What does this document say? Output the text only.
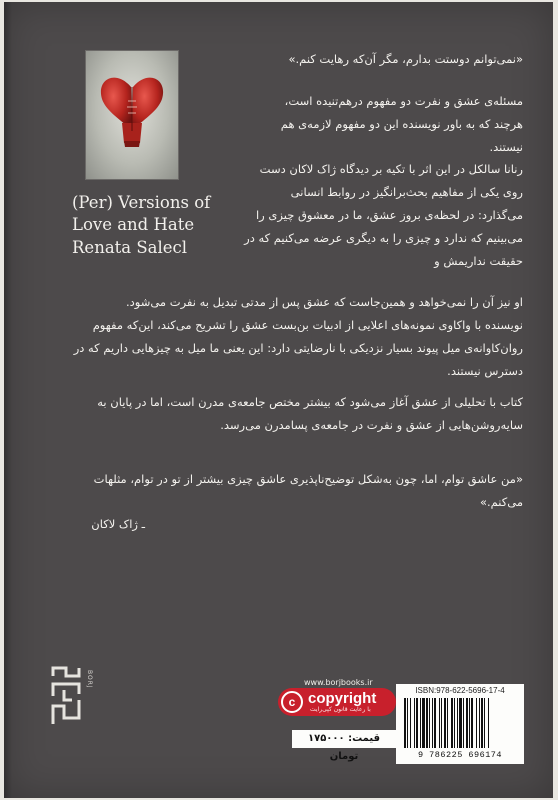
(Per) Versions of Love and Hate

Renata Salecl

«نمی‌توانم دوستت بدارم، مگر آن‌که رهایت کنم.»

مسئله‌ی عشق و نفرت دو مفهوم درهم‌تنیده است، هرچند که به باور نویسنده این دو مفهوم لازمه‌ی هم نیستند.

رنانا سالکل در این اثر با تکیه بر دیدگاه ژاک لاکان دست روی یکی از مفاهیم بحث‌برانگیز در روابط انسانی می‌گذارد: در لحظه‌ی بروز عشق، ما در معشوق چیزی را می‌بینیم که ندارد و چیزی را به دیگری عرضه می‌کنیم که در حقیقت نداریمش و

او نیز آن را نمی‌خواهد و همین‌جاست که عشق پس از مدتی تبدیل به نفرت می‌شود.

نویسنده با واکاوی نمونه‌های اعلایی از ادبیات بن‌بست عشق را تشریح می‌کند، این‌که مفهوم روان‌کاوانه‌ی میل پیوند بسیار نزدیکی با نارضایتی دارد: این یعنی ما میل به چیزهایی داریم که در دسترس نیستند.

کتاب با تحلیلی از عشق آغاز می‌شود که بیشتر مختص جامعه‌ی مدرن است، اما در پایان به سایه‌روشن‌هایی از عشق و نفرت در جامعه‌ی پسامدرن می‌رسد.

«من عاشق توام، اما، چون به‌شکل توضیح‌ناپذیری عاشق چیزی بیشتر از تو در توام، مثلهات می‌کنم.»

ـ ژاک لاکان

BORJ	www.borjbooks.ir

c copyright
با رعایت قانون کپی‌رایت
ISBN:978-622-5696-17-4
9 786225 696174
قیمت: ۱۷۵۰۰۰ تومان
